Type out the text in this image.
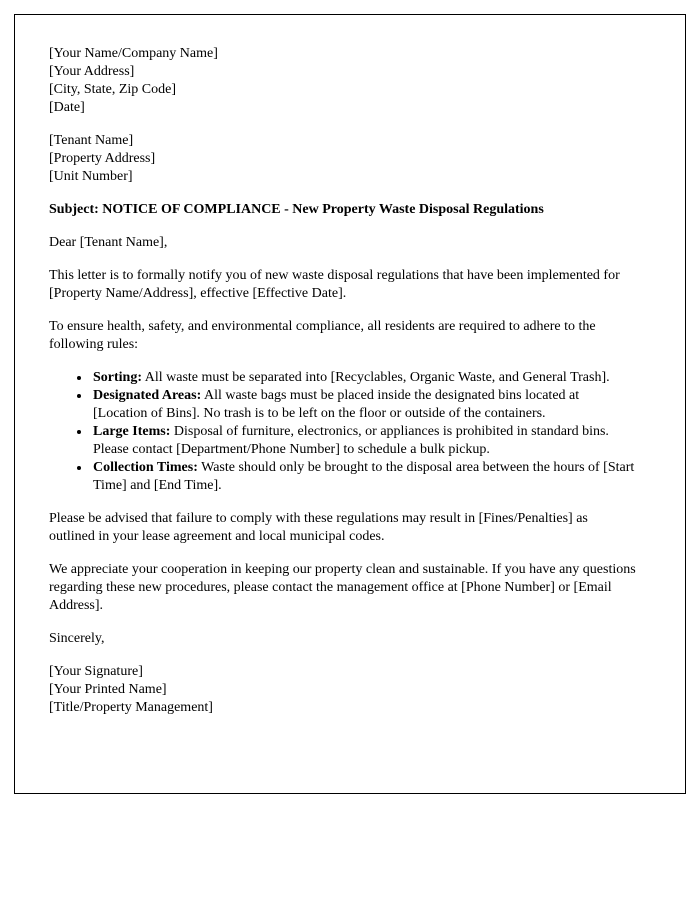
[Your Name/Company Name]
[Your Address]
[City, State, Zip Code]
[Date]
[Tenant Name]
[Property Address]
[Unit Number]
Subject: NOTICE OF COMPLIANCE - New Property Waste Disposal Regulations

Dear [Tenant Name],

This letter is to formally notify you of new waste disposal regulations that have been implemented for [Property Name/Address], effective [Effective Date].

To ensure health, safety, and environmental compliance, all residents are required to adhere to the following rules:

• Sorting: All waste must be separated into [Recyclables, Organic Waste, and General Trash].
• Designated Areas: All waste bags must be placed inside the designated bins located at [Location of Bins]. No trash is to be left on the floor or outside of the containers.
• Large Items: Disposal of furniture, electronics, or appliances is prohibited in standard bins. Please contact [Department/Phone Number] to schedule a bulk pickup.
• Collection Times: Waste should only be brought to the disposal area between the hours of [Start Time] and [End Time].

Please be advised that failure to comply with these regulations may result in [Fines/Penalties] as outlined in your lease agreement and local municipal codes.

We appreciate your cooperation in keeping our property clean and sustainable. If you have any questions regarding these new procedures, please contact the management office at [Phone Number] or [Email Address].

Sincerely,

[Your Signature]
[Your Printed Name]
[Title/Property Management]
